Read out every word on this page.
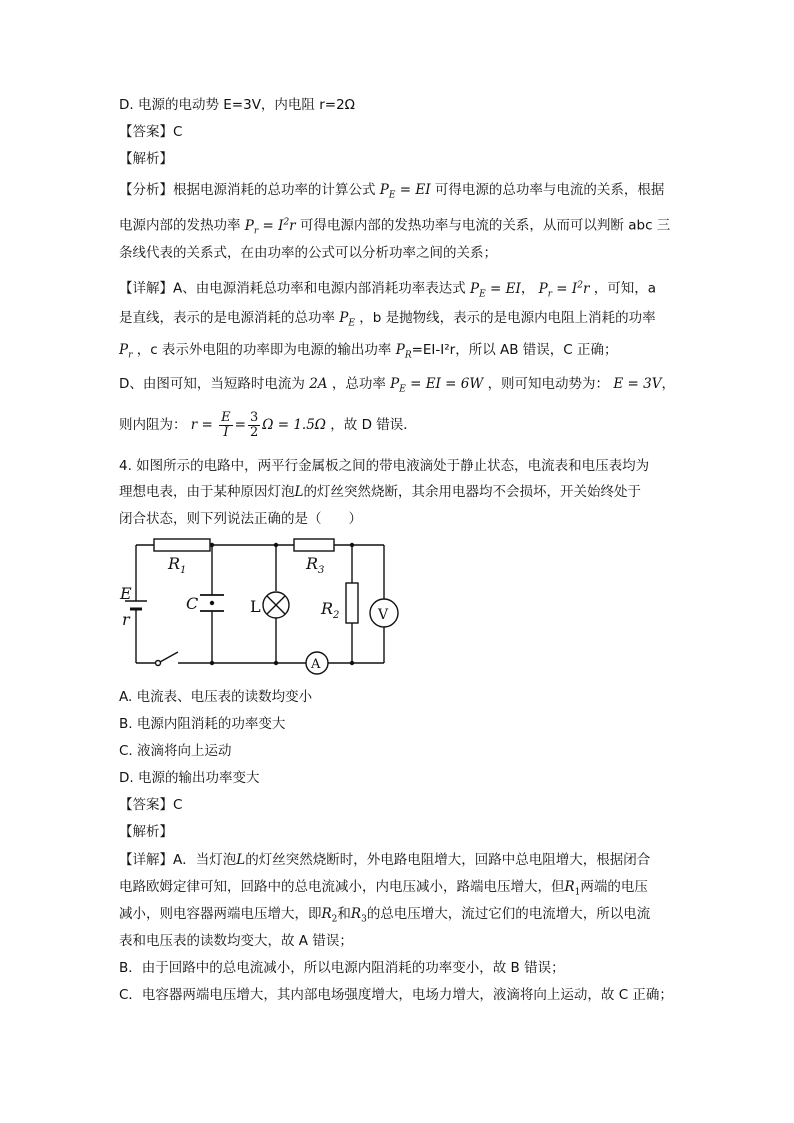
D. 电源的电动势 E=3V，内电阻 r=2Ω
【答案】C
【解析】
【分析】根据电源消耗的总功率的计算公式 $P_E$ = EI 可得电源的总功率与电流的关系，根据
电源内部的发热功率 $P_r = I^2r$ 可得电源内部的发热功率与电流的关系，从而可以判断 abc 三
条线代表的关系式，在由功率的公式可以分析功率之间的关系；
【详解】A、由电源消耗总功率和电源内部消耗功率表达式 $P_E$ = EI， $P_r = I^2r$ ，可知，a
是直线，表示的是电源消耗的总功率 $P_E$ ，b 是抛物线，表示的是电源内电阻上消耗的功率
$P_r$ ，c 表示外电阻的功率即为电源的输出功率 $P_R=EI$-I²r，所以 AB 错误，C 正确；
D、由图可知，当短路时电流为 2A ，总功率 $P_E$ = EI = 6W ，则可知电动势为： E = 3V，
则内阻为： $r = \frac{E}{I} = \frac{3}{2}$ Ω = 1.5Ω ，故 D 错误．
4. 如图所示的电路中，两平行金属板之间的带电液滴处于静止状态，电流表和电压表均为
理想电表，由于某种原因灯泡L的灯丝突然烧断，其余用电器均不会损坏，开关始终处于
闭合状态，则下列说法正确的是（　　）
$R_1$	$R_3$
$R_2$
E
r
C	L	V
A
A. 电流表、电压表的读数均变小
B. 电源内阻消耗的功率变大
C. 液滴将向上运动
D. 电源的输出功率变大
【答案】C
【解析】
【详解】A．当灯泡L的灯丝突然烧断时，外电路电阻增大，回路中总电阻增大，根据闭合
电路欧姆定律可知，回路中的总电流减小，内电压减小，路端电压增大，但$R_1$两端的电压
减小，则电容器两端电压增大，即$R_2$和$R_3$的总电压增大，流过它们的电流增大，所以电流
表和电压表的读数均变大，故 A 错误；
B．由于回路中的总电流减小，所以电源内阻消耗的功率变小，故 B 错误；
C．电容器两端电压增大，其内部电场强度增大，电场力增大，液滴将向上运动，故 C 正确；
